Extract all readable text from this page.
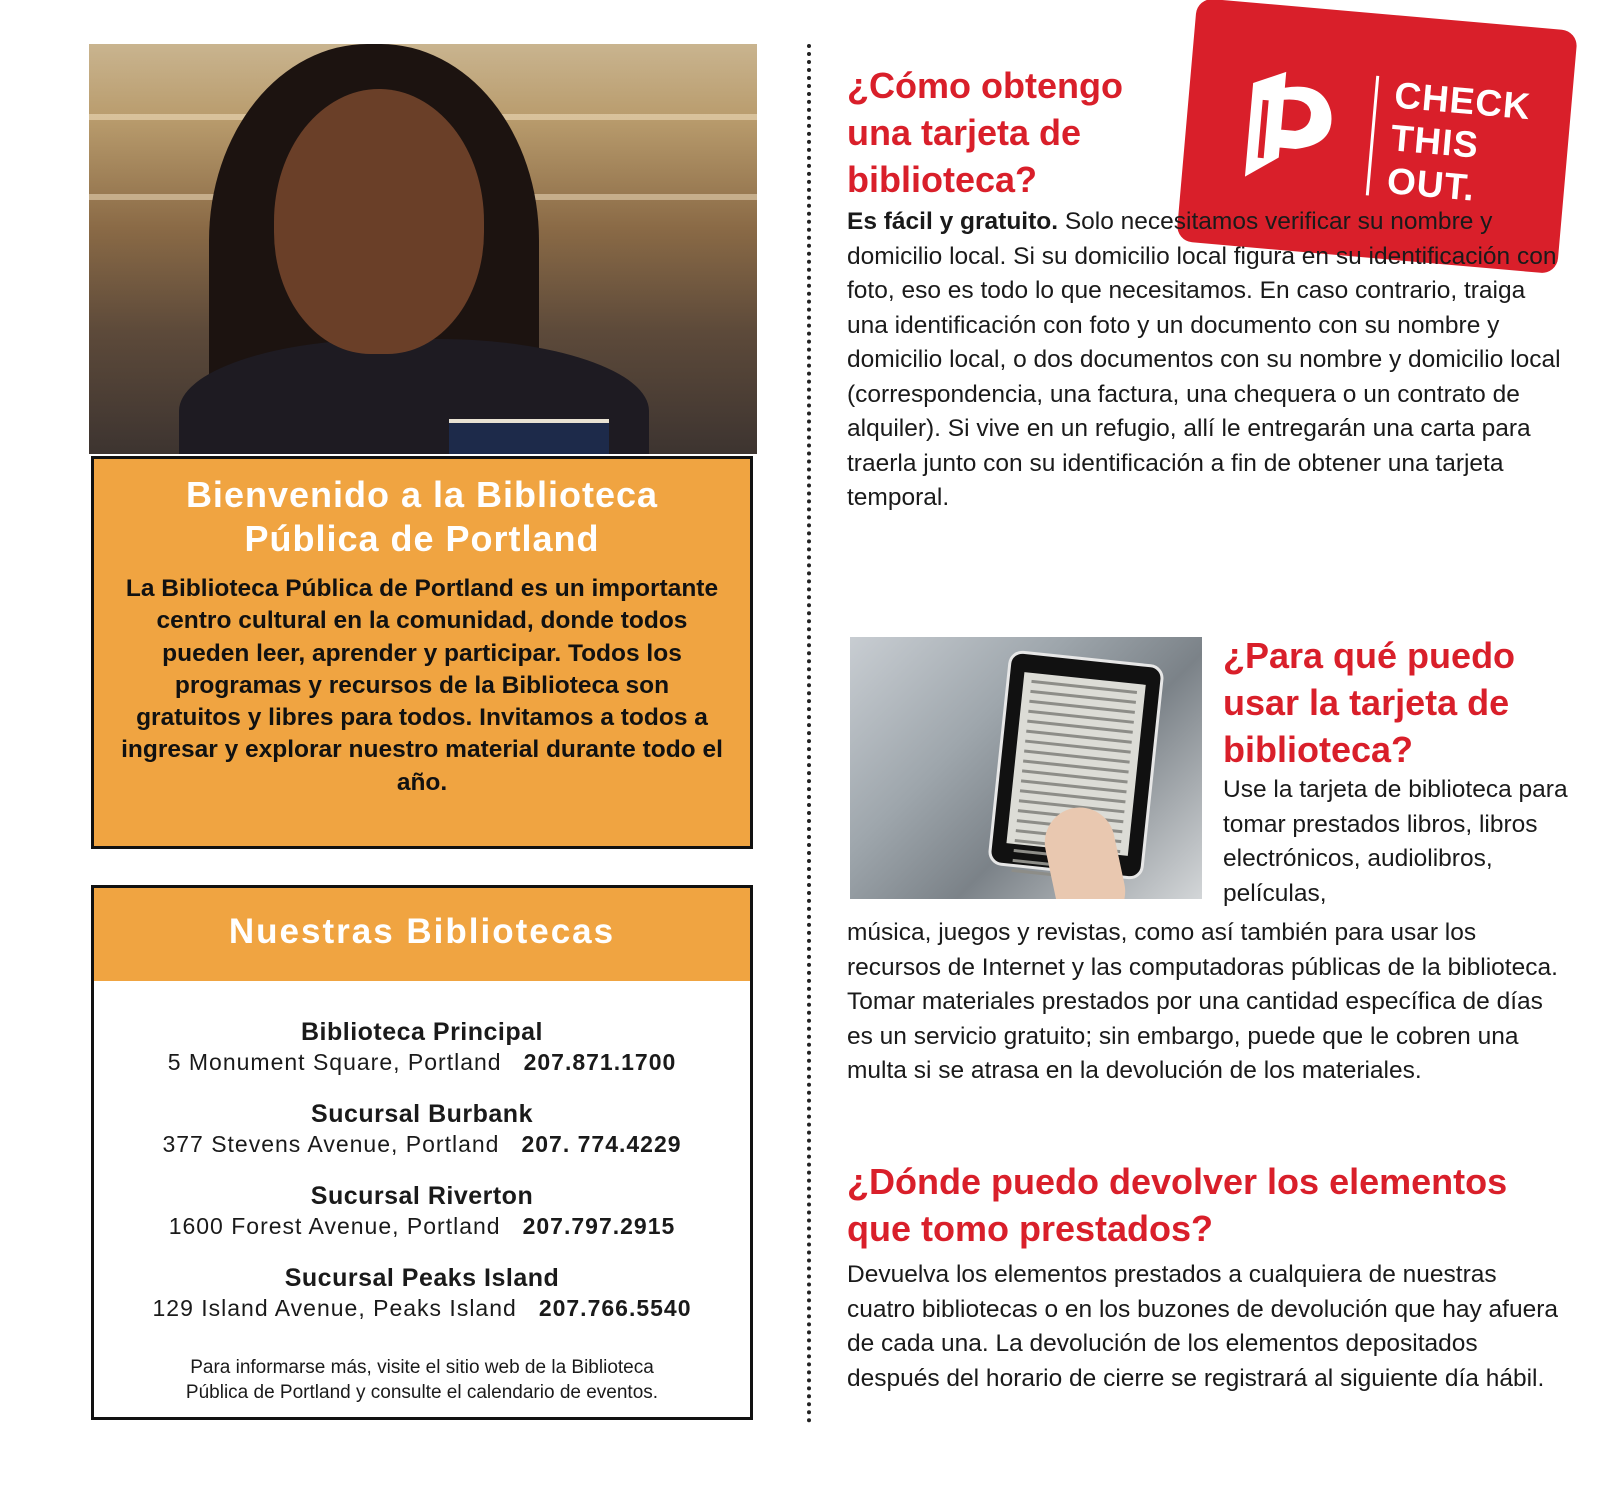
Bienvenido a la Biblioteca
Pública de Portland

La Biblioteca Pública de Portland es un importante centro cultural en la comunidad, donde todos pueden leer, aprender y participar. Todos los programas y recursos de la Biblioteca son gratuitos y libres para todos. Invitamos a todos a ingresar y explorar nuestro material durante todo el año.

Nuestras Bibliotecas
Biblioteca Principal
5 Monument Square, Portland 207.871.1700
Sucursal Burbank
377 Stevens Avenue, Portland 207. 774.4229
Sucursal Riverton
1600 Forest Avenue, Portland 207.797.2915
Sucursal Peaks Island
129 Island Avenue, Peaks Island 207.766.5540
Para informarse más, visite el sitio web de la Biblioteca
Pública de Portland y consulte el calendario de eventos.
CHECK
THIS
OUT.
¿Cómo obtengo una tarjeta de biblioteca?
Es fácil y gratuito. Solo necesitamos verificar su nombre y domicilio local. Si su domicilio local figura en su identificación con foto, eso es todo lo que necesitamos. En caso contrario, traiga una identificación con foto y un documento con su nombre y domicilio local, o dos documentos con su nombre y domicilio local (correspondencia, una factura, una chequera o un contrato de alquiler). Si vive en un refugio, allí le entregarán una carta para traerla junto con su identificación a fin de obtener una tarjeta temporal.
¿Para qué puedo usar la tarjeta de biblioteca?
Use la tarjeta de biblioteca para tomar prestados libros, libros electrónicos, audiolibros, películas,
música, juegos y revistas, como así también para usar los recursos de Internet y las computadoras públicas de la biblioteca. Tomar materiales prestados por una cantidad específica de días es un servicio gratuito; sin embargo, puede que le cobren una multa si se atrasa en la devolución de los materiales.
¿Dónde puedo devolver los elementos que tomo prestados?
Devuelva los elementos prestados a cualquiera de nuestras cuatro bibliotecas o en los buzones de devolución que hay afuera de cada una. La devolución de los elementos depositados después del horario de cierre se registrará al siguiente día hábil.
